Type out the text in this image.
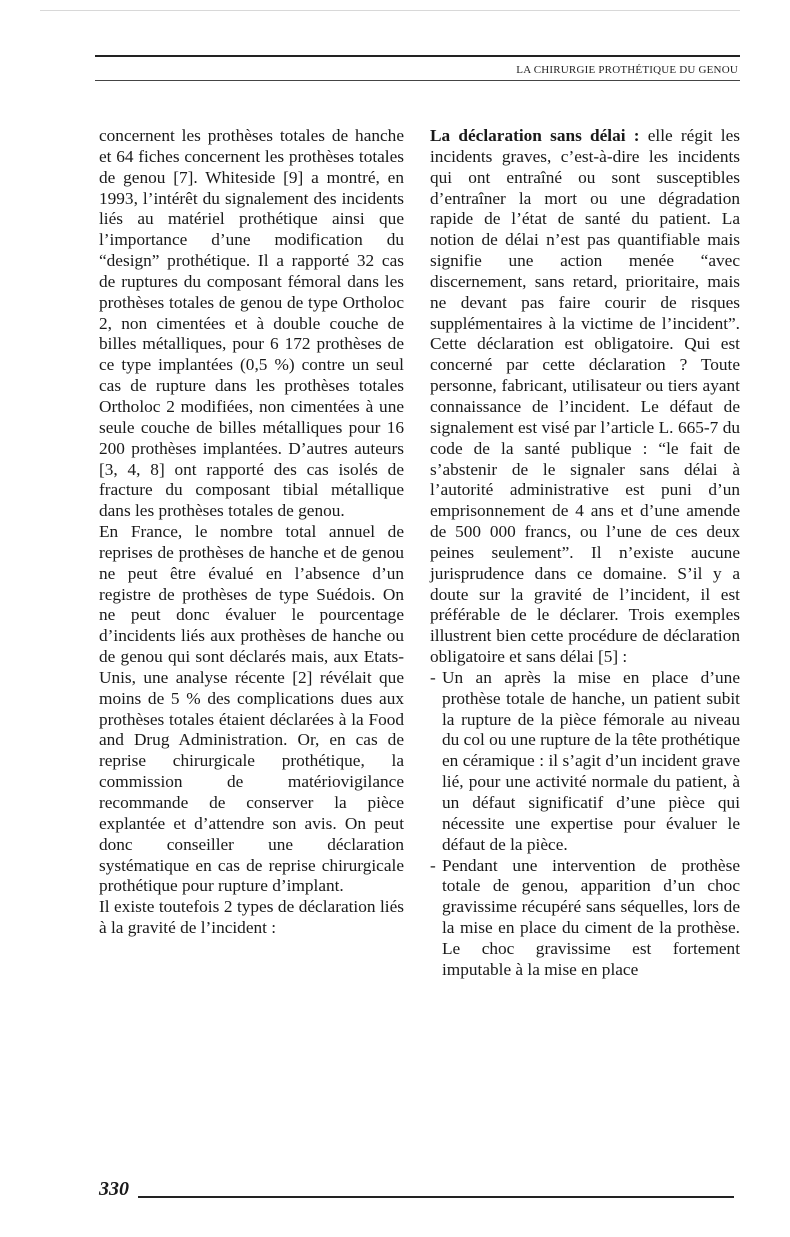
LA CHIRURGIE PROTHÉTIQUE DU GENOU

concernent les prothèses totales de hanche et 64 fiches concernent les prothèses totales de genou [7]. Whiteside [9] a montré, en 1993, l’intérêt du signalement des incidents liés au matériel prothétique ainsi que l’importance d’une modification du “design” prothétique. Il a rapporté 32 cas de ruptures du composant fémoral dans les prothèses totales de genou de type Ortholoc 2, non cimentées et à double couche de billes métalliques, pour 6 172 prothèses de ce type implantées (0,5 %) contre un seul cas de rupture dans les prothèses totales Ortholoc 2 modifiées, non cimentées à une seule couche de billes métalliques pour 16 200 prothèses implantées. D’autres auteurs [3, 4, 8] ont rapporté des cas isolés de fracture du composant tibial métallique dans les prothèses totales de genou.

En France, le nombre total annuel de reprises de prothèses de hanche et de genou ne peut être évalué en l’absence d’un registre de prothèses de type Suédois. On ne peut donc évaluer le pourcentage d’incidents liés aux prothèses de hanche ou de genou qui sont déclarés mais, aux Etats-Unis, une analyse récente [2] révélait que moins de 5 % des complications dues aux prothèses totales étaient déclarées à la Food and Drug Administration. Or, en cas de reprise chirurgicale prothétique, la commission de matériovigilance recommande de conserver la pièce explantée et d’attendre son avis. On peut donc conseiller une déclaration systématique en cas de reprise chirurgicale prothétique pour rupture d’implant.

Il existe toutefois 2 types de déclaration liés à la gravité de l’incident :

La déclaration sans délai : elle régit les incidents graves, c’est-à-dire les incidents qui ont entraîné ou sont susceptibles d’entraîner la mort ou une dégradation rapide de l’état de santé du patient. La notion de délai n’est pas quantifiable mais signifie une action menée “avec discernement, sans retard, prioritaire, mais ne devant pas faire courir de risques supplémentaires à la victime de l’incident”. Cette déclaration est obligatoire. Qui est concerné par cette déclaration ? Toute personne, fabricant, utilisateur ou tiers ayant connaissance de l’incident. Le défaut de signalement est visé par l’article L. 665-7 du code de la santé publique : “le fait de s’abstenir de le signaler sans délai à l’autorité administrative est puni d’un emprisonnement de 4 ans et d’une amende de 500 000 francs, ou l’une de ces deux peines seulement”. Il n’existe aucune jurisprudence dans ce domaine. S’il y a doute sur la gravité de l’incident, il est préférable de le déclarer. Trois exemples illustrent bien cette procédure de déclaration obligatoire et sans délai [5] :

- Un an après la mise en place d’une prothèse totale de hanche, un patient subit la rupture de la pièce fémorale au niveau du col ou une rupture de la tête prothétique en céramique : il s’agit d’un incident grave lié, pour une activité normale du patient, à un défaut significatif d’une pièce qui nécessite une expertise pour évaluer le défaut de la pièce.
- Pendant une intervention de prothèse totale de genou, apparition d’un choc gravissime récupéré sans séquelles, lors de la mise en place du ciment de la prothèse. Le choc gravissime est fortement imputable à la mise en place
330
